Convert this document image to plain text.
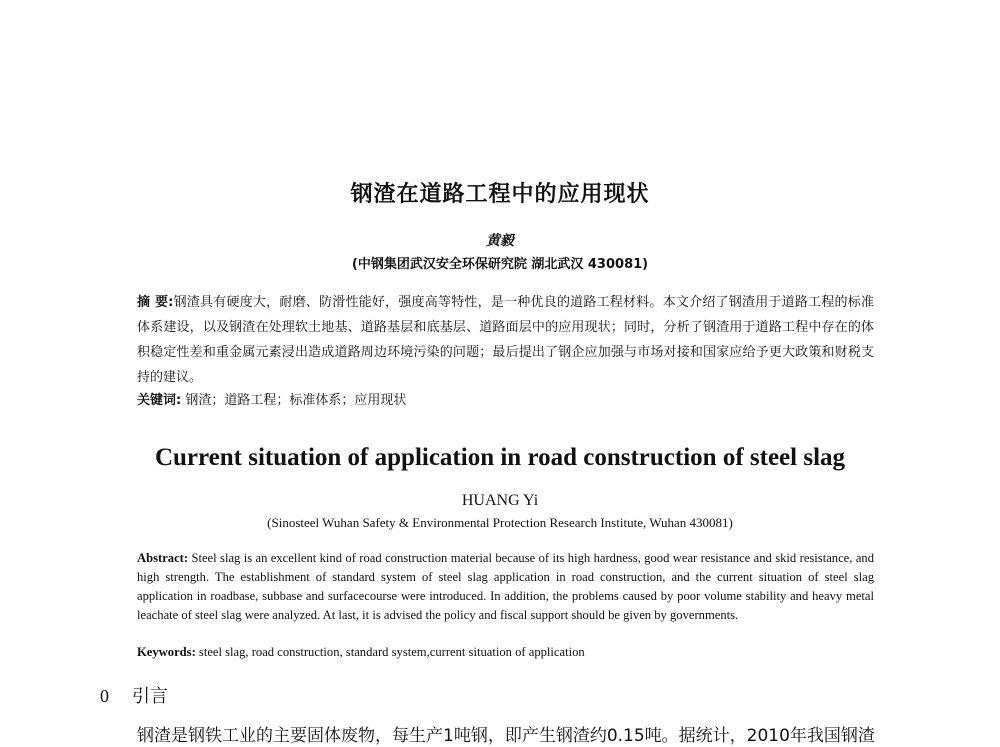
钢渣在道路工程中的应用现状
黄毅
(中钢集团武汉安全环保研究院 湖北武汉 430081)
摘 要:钢渣具有硬度大，耐磨、防滑性能好，强度高等特性，是一种优良的道路工程材料。本文介绍了钢渣用于道路工程的标准体系建设，以及钢渣在处理软土地基、道路基层和底基层、道路面层中的应用现状；同时，分析了钢渣用于道路工程中存在的体积稳定性差和重金属元素浸出造成道路周边环境污染的问题；最后提出了钢企应加强与市场对接和国家应给予更大政策和财税支持的建议。
关键词: 钢渣；道路工程；标准体系；应用现状
Current situation of application in road construction of steel slag
HUANG Yi
(Sinosteel Wuhan Safety & Environmental Protection Research Institute, Wuhan 430081)
Abstract: Steel slag is an excellent kind of road construction material because of its high hardness, good wear resistance and skid resistance, and high strength. The establishment of standard system of steel slag application in road construction, and the current situation of steel slag application in roadbase, subbase and surfacecourse were introduced. In addition, the problems caused by poor volume stability and heavy metal leachate of steel slag were analyzed. At last, it is advised the policy and fiscal support should be given by governments.
Keywords: steel slag, road construction, standard system,current situation of application
0 引言
钢渣是钢铁工业的主要固体废物，每生产1吨钢，即产生钢渣约0.15吨。据统计，2010年我国钢渣
